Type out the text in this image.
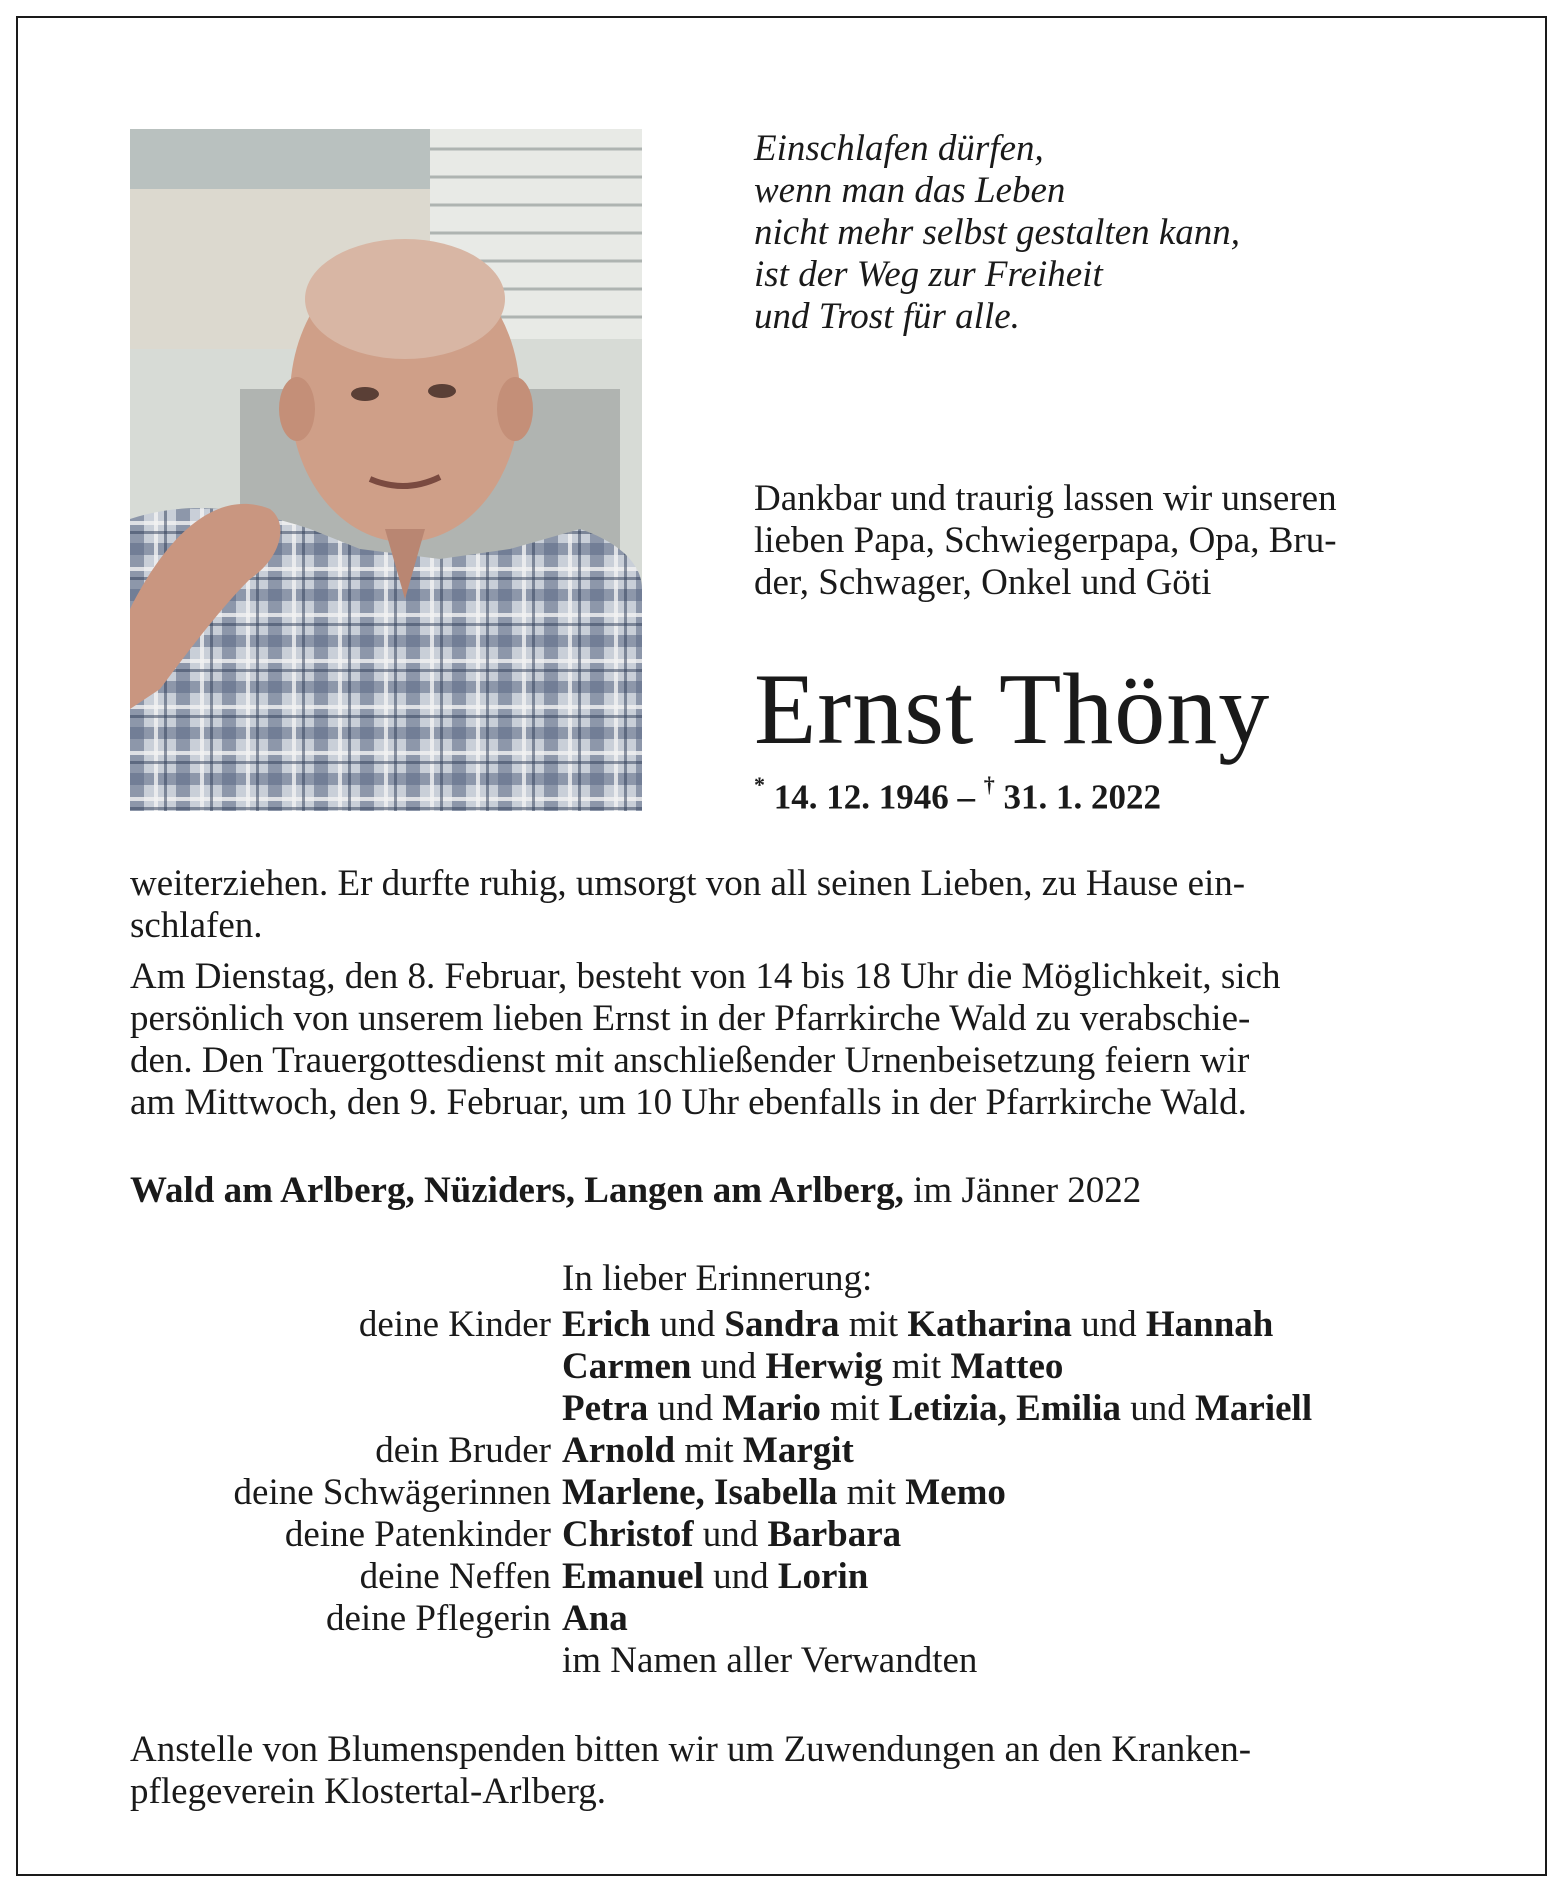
Einschlafen dürfen,
wenn man das Leben
nicht mehr selbst gestalten kann,
ist der Weg zur Freiheit
und Trost für alle.
Dankbar und traurig lassen wir unseren
lieben Papa, Schwiegerpapa, Opa, Bru-
der, Schwager, Onkel und Göti
Ernst Thöny
* 14. 12. 1946 – † 31. 1. 2022
weiterziehen. Er durfte ruhig, umsorgt von all seinen Lieben, zu Hause ein-
schlafen.
Am Dienstag, den 8. Februar, besteht von 14 bis 18 Uhr die Möglichkeit, sich
persönlich von unserem lieben Ernst in der Pfarrkirche Wald zu verabschie-
den. Den Trauergottesdienst mit anschließender Urnenbeisetzung feiern wir
am Mittwoch, den 9. Februar, um 10 Uhr ebenfalls in der Pfarrkirche Wald.
Wald am Arlberg, Nüziders, Langen am Arlberg, im Jänner 2022
In lieber Erinnerung:
deine Kinder Erich und Sandra mit Katharina und Hannah
Carmen und Herwig mit Matteo
Petra und Mario mit Letizia, Emilia und Mariell
dein Bruder Arnold mit Margit
deine Schwägerinnen Marlene, Isabella mit Memo
deine Patenkinder Christof und Barbara
deine Neffen Emanuel und Lorin
deine Pflegerin Ana
im Namen aller Verwandten
Anstelle von Blumenspenden bitten wir um Zuwendungen an den Kranken-
pflegeverein Klostertal-Arlberg.
